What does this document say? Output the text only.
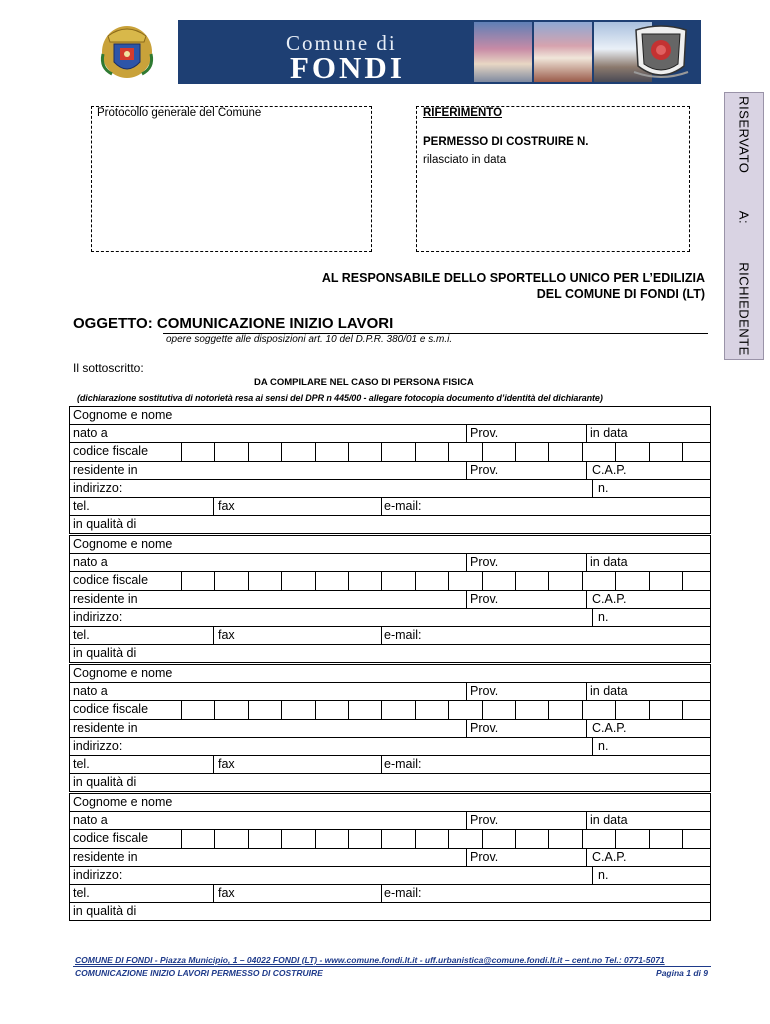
Comune di
FONDI
RISERVATO A: RICHIEDENTE
Protocollo generale del Comune	RIFERIMENTO
PERMESSO DI COSTRUIRE N.
rilasciato in data
AL RESPONSABILE DELLO SPORTELLO UNICO PER L’EDILIZIA
DEL COMUNE DI FONDI (LT)
OGGETTO: COMUNICAZIONE INIZIO LAVORI
opere soggette alle disposizioni art. 10 del D.P.R. 380/01 e s.m.i.
Il sottoscritto:
DA COMPILARE NEL CASO DI PERSONA FISICA
(dichiarazione sostitutiva di notorietà resa ai sensi del DPR n 445/00 - allegare fotocopia documento d’identità del dichiarante)
Cognome e nome
nato a	Prov.	in data
codice fiscale
residente in	Prov.	C.A.P.
indirizzo:	n.
tel.	fax	e-mail:
in qualità di
Cognome e nome
nato a	Prov.	in data
codice fiscale
residente in	Prov.	C.A.P.
indirizzo:	n.
tel.	fax	e-mail:
in qualità di
Cognome e nome
nato a	Prov.	in data
codice fiscale
residente in	Prov.	C.A.P.
indirizzo:	n.
tel.	fax	e-mail:
in qualità di
Cognome e nome
nato a	Prov.	in data
codice fiscale
residente in	Prov.	C.A.P.
indirizzo:	n.
tel.	fax	e-mail:
in qualità di
COMUNE DI FONDI - Piazza Municipio, 1 – 04022 FONDI (LT) - www.comune.fondi.lt.it - uff.urbanistica@comune.fondi.lt.it – cent.no Tel.: 0771-5071
COMUNICAZIONE INIZIO LAVORI PERMESSO DI COSTRUIRE	Pagina 1 di 9
